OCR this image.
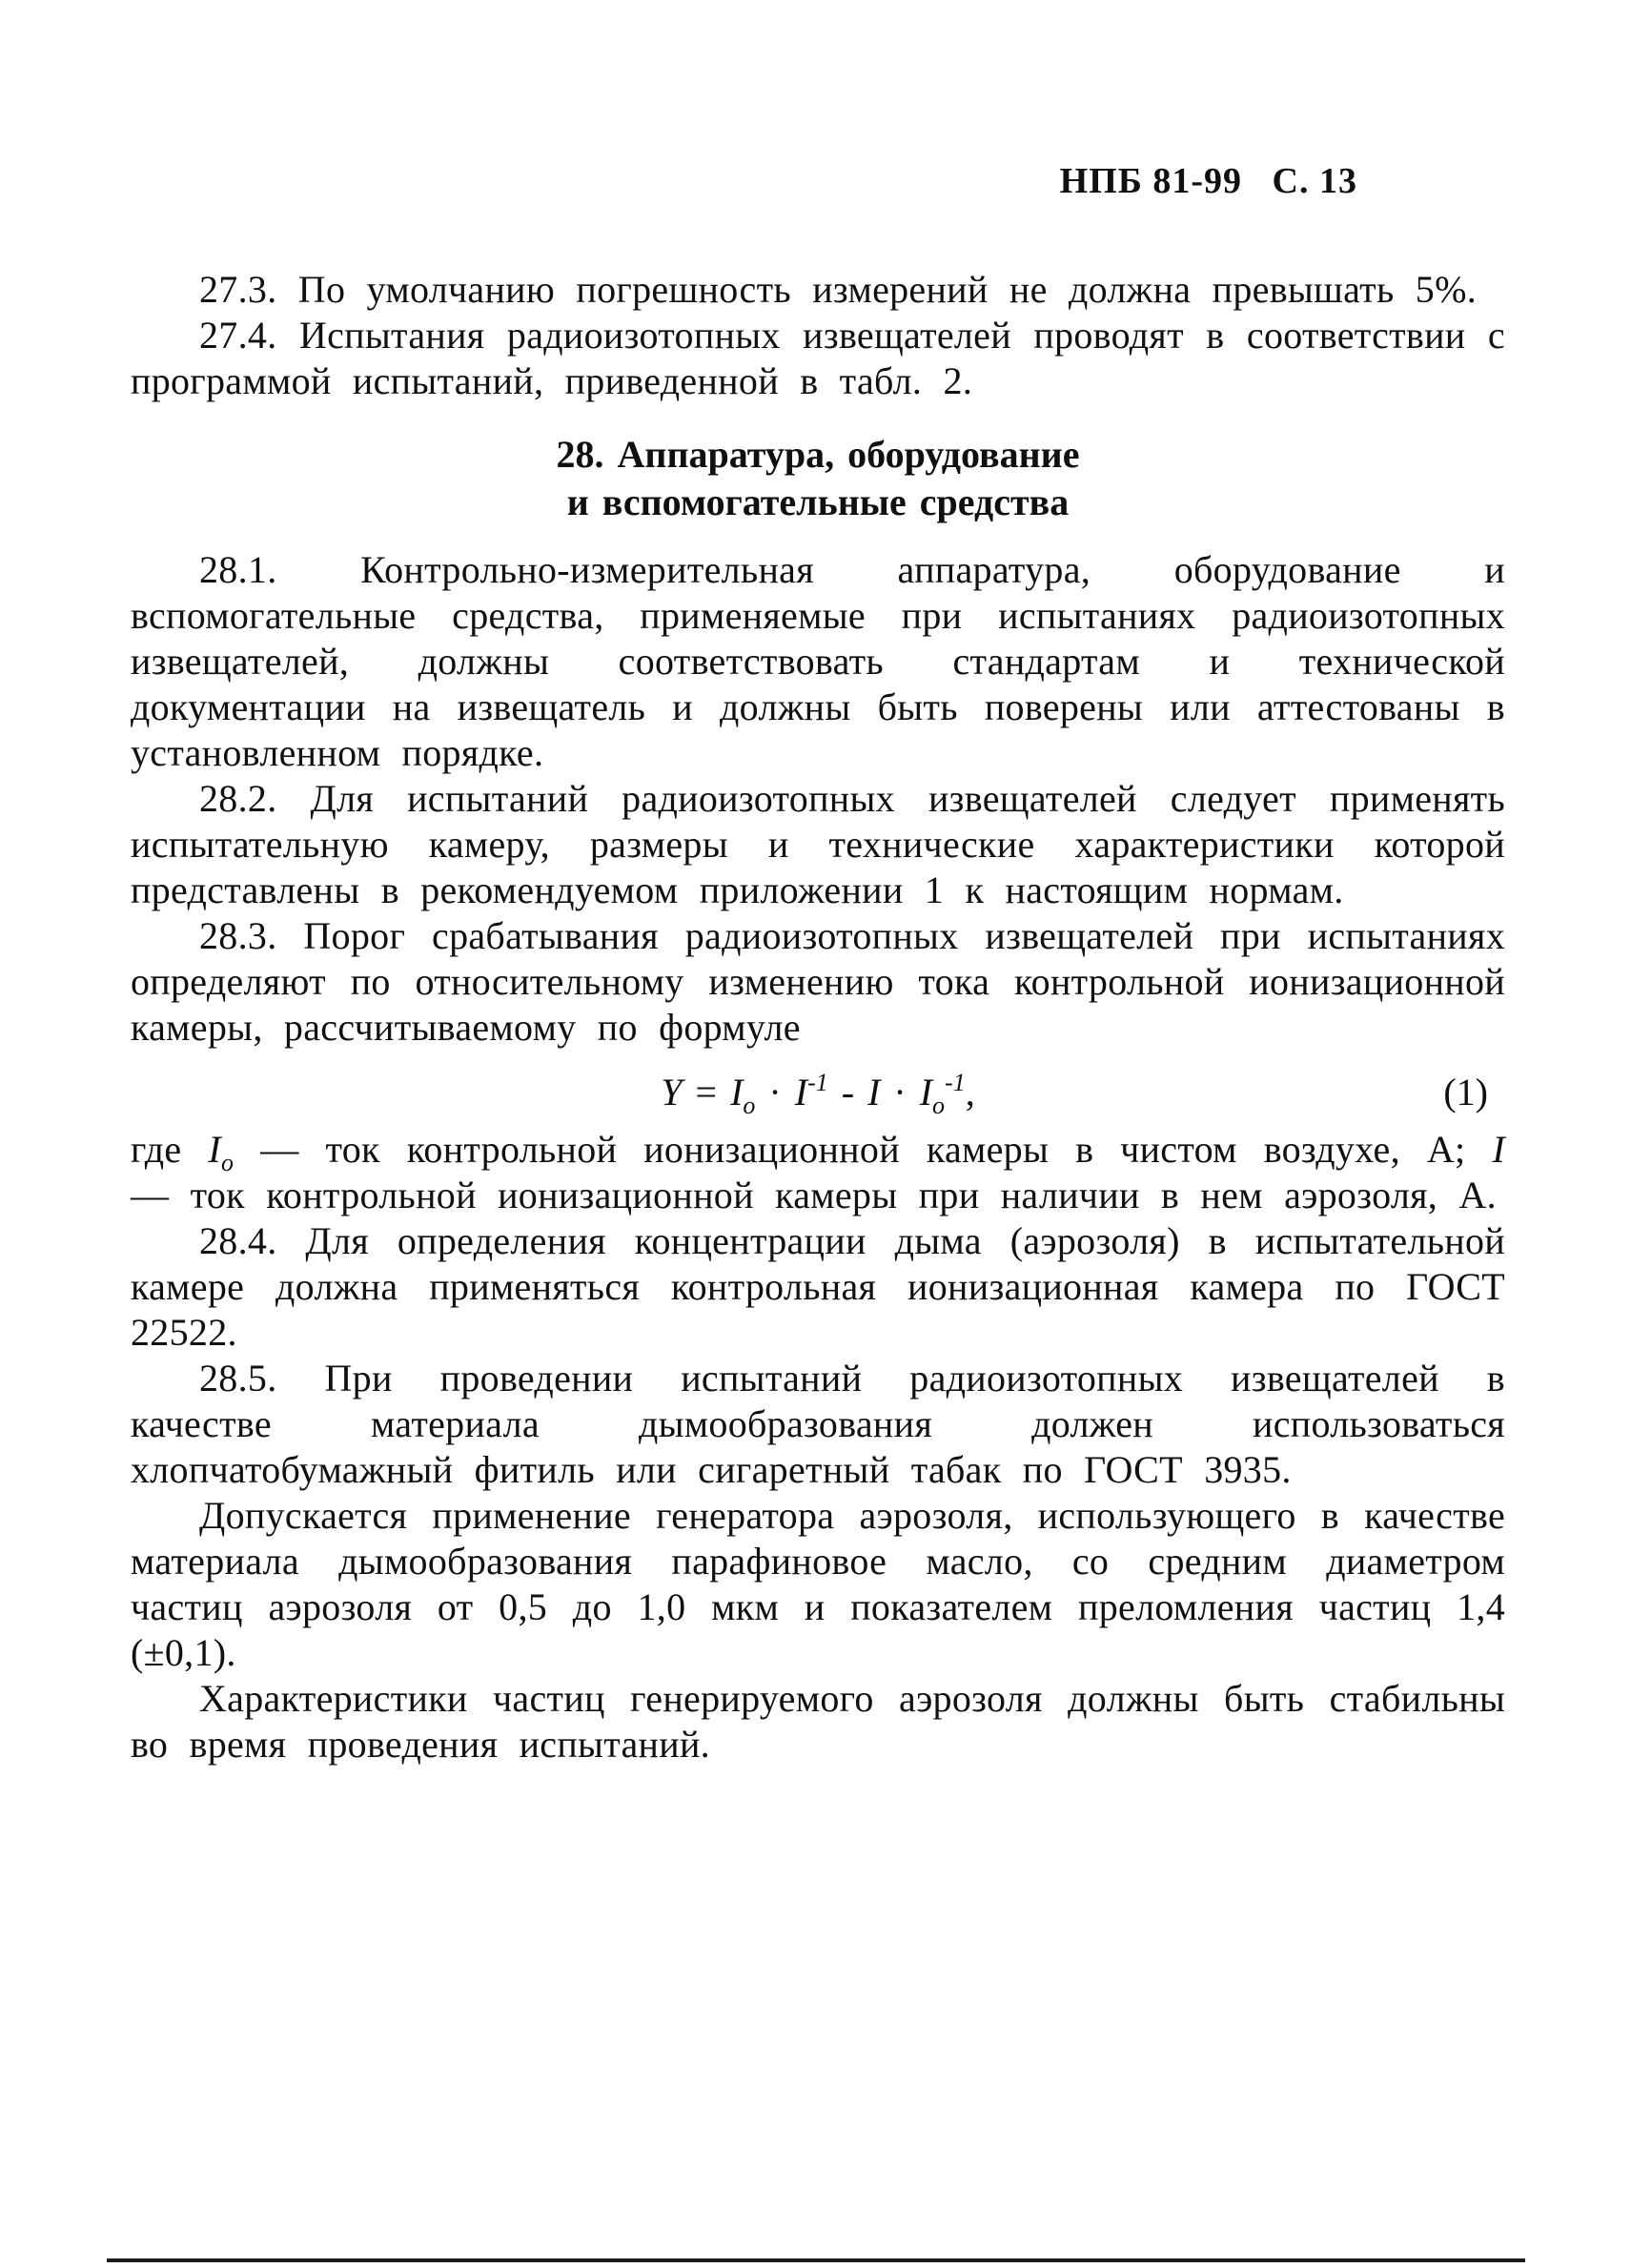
НПБ 81-99   С. 13

27.3. По умолчанию погрешность измерений не должна превышать 5%.

27.4. Испытания радиоизотопных извещателей проводят в соответствии с программой испытаний, приведенной в табл. 2.

28. Аппаратура, оборудование
и вспомогательные средства

28.1. Контрольно-измерительная аппаратура, оборудование и вспомогательные средства, применяемые при испытаниях радиоизотопных извещателей, должны соответствовать стандартам и технической документации на извещатель и должны быть поверены или аттестованы в установленном порядке.

28.2. Для испытаний радиоизотопных извещателей следует применять испытательную камеру, размеры и технические характеристики которой представлены в рекомендуемом приложении 1 к настоящим нормам.

28.3. Порог срабатывания радиоизотопных извещателей при испытаниях определяют по относительному изменению тока контрольной ионизационной камеры, рассчитываемому по формуле

$Y = I_o \cdot I^{-1} - I \cdot I_o^{-1}$,	(1)

где $I_o$ — ток контрольной ионизационной камеры в чистом воздухе, А; I — ток контрольной ионизационной камеры при наличии в нем аэрозоля, А.

28.4. Для определения концентрации дыма (аэрозоля) в испытательной камере должна применяться контрольная ионизационная камера по ГОСТ 22522.

28.5. При проведении испытаний радиоизотопных извещателей в качестве материала дымообразования должен использоваться хлопчатобумажный фитиль или сигаретный табак по ГОСТ 3935.

Допускается применение генератора аэрозоля, использующего в качестве материала дымообразования парафиновое масло, со средним диаметром частиц аэрозоля от 0,5 до 1,0 мкм и показателем преломления частиц 1,4 (±0,1).

Характеристики частиц генерируемого аэрозоля должны быть стабильны во время проведения испытаний.
